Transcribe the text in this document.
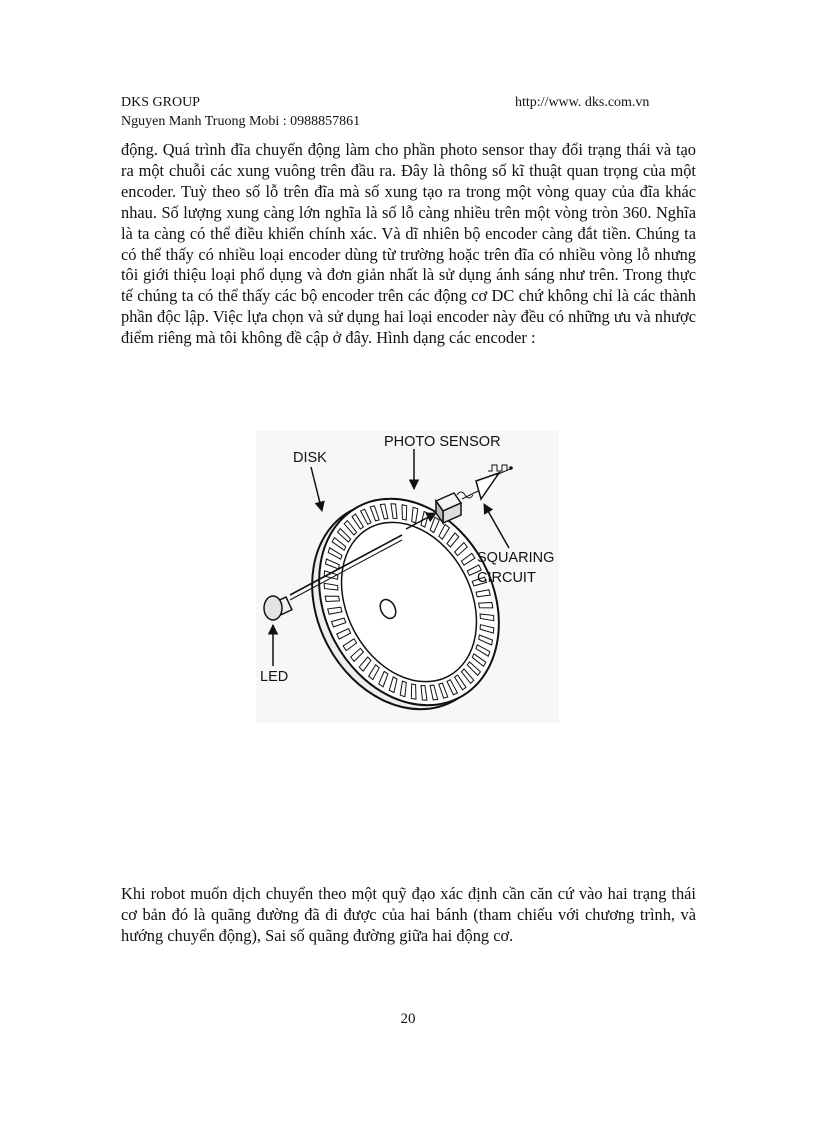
DKS GROUP	http://www. dks.com.vn
Nguyen Manh Truong Mobi : 0988857861
động. Quá trình đĩa chuyển động làm cho phần photo sensor thay đổi trạng thái và tạo ra một chuỗi các xung vuông trên đầu ra. Đây là thông số kĩ thuật quan trọng của một encoder. Tuỳ theo số lỗ trên đĩa mà số xung tạo ra trong một vòng quay của đĩa khác nhau. Số lượng xung càng lớn nghĩa là số lỗ càng nhiều trên một vòng tròn 360. Nghĩa là ta càng có thể điều khiển chính xác. Và dĩ nhiên bộ encoder càng đắt tiền. Chúng ta có thể thấy có nhiều loại encoder dùng từ trường hoặc trên đĩa có nhiều vòng lỗ nhưng tôi giới thiệu loại phổ dụng và đơn giản nhất là sử dụng ánh sáng như trên. Trong thực tế chúng ta có thể thấy các bộ encoder trên các động cơ DC chứ không chỉ là các thành phần độc lập. Việc lựa chọn và sử dụng hai loại encoder này đều có những ưu và nhược điểm riêng mà tôi không đề cập ở đây. Hình dạng các encoder :
PHOTO SENSOR
DISK
SQUARING
CIRCUIT
LED
Khi robot muốn dịch chuyển theo một quỹ đạo xác định cần căn cứ vào hai trạng thái cơ bản đó là quãng đường đã đi được của hai bánh (tham chiếu với chương trình, và hướng chuyển động), Sai số quãng đường giữa hai động cơ.
20
